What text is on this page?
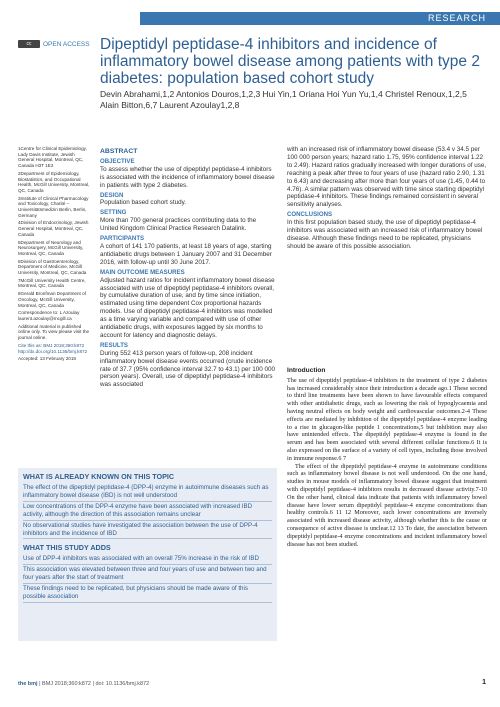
RESEARCH
cc	OPEN ACCESS Dipeptidyl peptidase-4 inhibitors and incidence of inflammatory bowel disease among patients with type 2 diabetes: population based cohort study
Devin Abrahami,1,2 Antonios Douros,1,2,3 Hui Yin,1 Oriana Hoi Yun Yu,1,4 Christel Renoux,1,2,5 Alain Bitton,6,7 Laurent Azoulay1,2,8
1Centre for Clinical Epidemiology, Lady Davis Institute, Jewish General Hospital, Montreal, QC, Canada H3T 1E2
2Department of Epidemiology, Biostatistics, and Occupational Health, McGill University, Montreal, QC, Canada
3Institute of Clinical Pharmacology and Toxicology, Charité – Universitätsmedizin Berlin, Berlin, Germany
4Division of Endocrinology, Jewish General Hospital, Montreal, QC, Canada
5Department of Neurology and Neurosurgery, McGill University, Montreal, QC, Canada
6Division of Gastroenterology, Department of Medicine, McGill University, Montreal, QC, Canada
7McGill University Health Centre, Montreal, QC, Canada
8Gerald Bronfman Department of Oncology, McGill University, Montreal, QC, Canada
Correspondence to: L Azoulay laurent.azoulay@mcgill.ca
Additional material is published online only. To view please visit the journal online.
Cite this as: BMJ 2018;360:k872 http://dx.doi.org/10.1136/bmj.k872
Accepted: 13 February 2018
ABSTRACT
OBJECTIVE

To assess whether the use of dipeptidyl peptidase-4 inhibitors is associated with the incidence of inflammatory bowel disease in patients with type 2 diabetes.

DESIGN

Population based cohort study.

SETTING

More than 700 general practices contributing data to the United Kingdom Clinical Practice Research Datalink.

PARTICIPANTS

A cohort of 141 170 patients, at least 18 years of age, starting antidiabetic drugs between 1 January 2007 and 31 December 2016, with follow-up until 30 June 2017.

MAIN OUTCOME MEASURES

Adjusted hazard ratios for incident inflammatory bowel disease associated with use of dipeptidyl peptidase-4 inhibitors overall, by cumulative duration of use, and by time since initiation, estimated using time dependent Cox proportional hazards models. Use of dipeptidyl peptidase-4 inhibitors was modelled as a time varying variable and compared with use of other antidiabetic drugs, with exposures lagged by six months to account for latency and diagnostic delays.

RESULTS

During 552 413 person years of follow-up, 208 incident inflammatory bowel disease events occurred (crude incidence rate of 37.7 (95% confidence interval 32.7 to 43.1) per 100 000 person years). Overall, use of dipeptidyl peptidase-4 inhibitors was associated

with an increased risk of inflammatory bowel disease (53.4 v 34.5 per 100 000 person years; hazard ratio 1.75, 95% confidence interval 1.22 to 2.49). Hazard ratios gradually increased with longer durations of use, reaching a peak after three to four years of use (hazard ratio 2.90, 1.31 to 6.43) and decreasing after more than four years of use (1.45, 0.44 to 4.76). A similar pattern was observed with time since starting dipeptidyl peptidase-4 inhibitors. These findings remained consistent in several sensitivity analyses.

CONCLUSIONS

In this first population based study, the use of dipeptidyl peptidase-4 inhibitors was associated with an increased risk of inflammatory bowel disease. Although these findings need to be replicated, physicians should be aware of this possible association.

Introduction

The use of dipeptidyl peptidase-4 inhibitors in the treatment of type 2 diabetes has increased considerably since their introduction a decade ago.1 These second to third line treatments have been shown to have favourable effects compared with other antidiabetic drugs, such as lowering the risk of hypoglycaemia and having neutral effects on body weight and cardiovascular outcomes.2-4 These effects are mediated by inhibition of the dipeptidyl peptidase-4 enzyme leading to a rise in glucagon-like peptide 1 concentrations,5 but inhibition may also have unintended effects. The dipeptidyl peptidase-4 enzyme is found in the serum and has been associated with several different cellular functions.6 It is also expressed on the surface of a variety of cell types, including those involved in immune response.6 7

The effect of the dipeptidyl peptidase-4 enzyme in autoimmune conditions such as inflammatory bowel disease is not well understood. On the one hand, studies in mouse models of inflammatory bowel disease suggest that treatment with dipeptidyl peptidase-4 inhibitors results in decreased disease activity.7-10 On the other hand, clinical data indicate that patients with inflammatory bowel disease have lower serum dipeptidyl peptidase-4 enzyme concentrations than healthy controls.6 11 12 Moreover, such lower concentrations are inversely associated with increased disease activity, although whether this is the cause or consequence of active disease is unclear.12 13 To date, the association between dipeptidyl peptidase-4 enzyme concentrations and incident inflammatory bowel disease has not been studied.

WHAT IS ALREADY KNOWN ON THIS TOPIC
The effect of the dipeptidyl peptidase-4 (DPP-4) enzyme in autoimmune diseases such as inflammatory bowel disease (IBD) is not well understood
Low concentrations of the DPP-4 enzyme have been associated with increased IBD activity, although the direction of this association remains unclear
No observational studies have investigated the association between the use of DPP-4 inhibitors and the incidence of IBD
WHAT THIS STUDY ADDS
Use of DPP-4 inhibitors was associated with an overall 75% increase in the risk of IBD
This association was elevated between three and four years of use and between two and four years after the start of treatment
These findings need to be replicated, but physicians should be made aware of this possible association
the bmj | BMJ 2018;360:k872 | doi: 10.1136/bmj.k872	1
